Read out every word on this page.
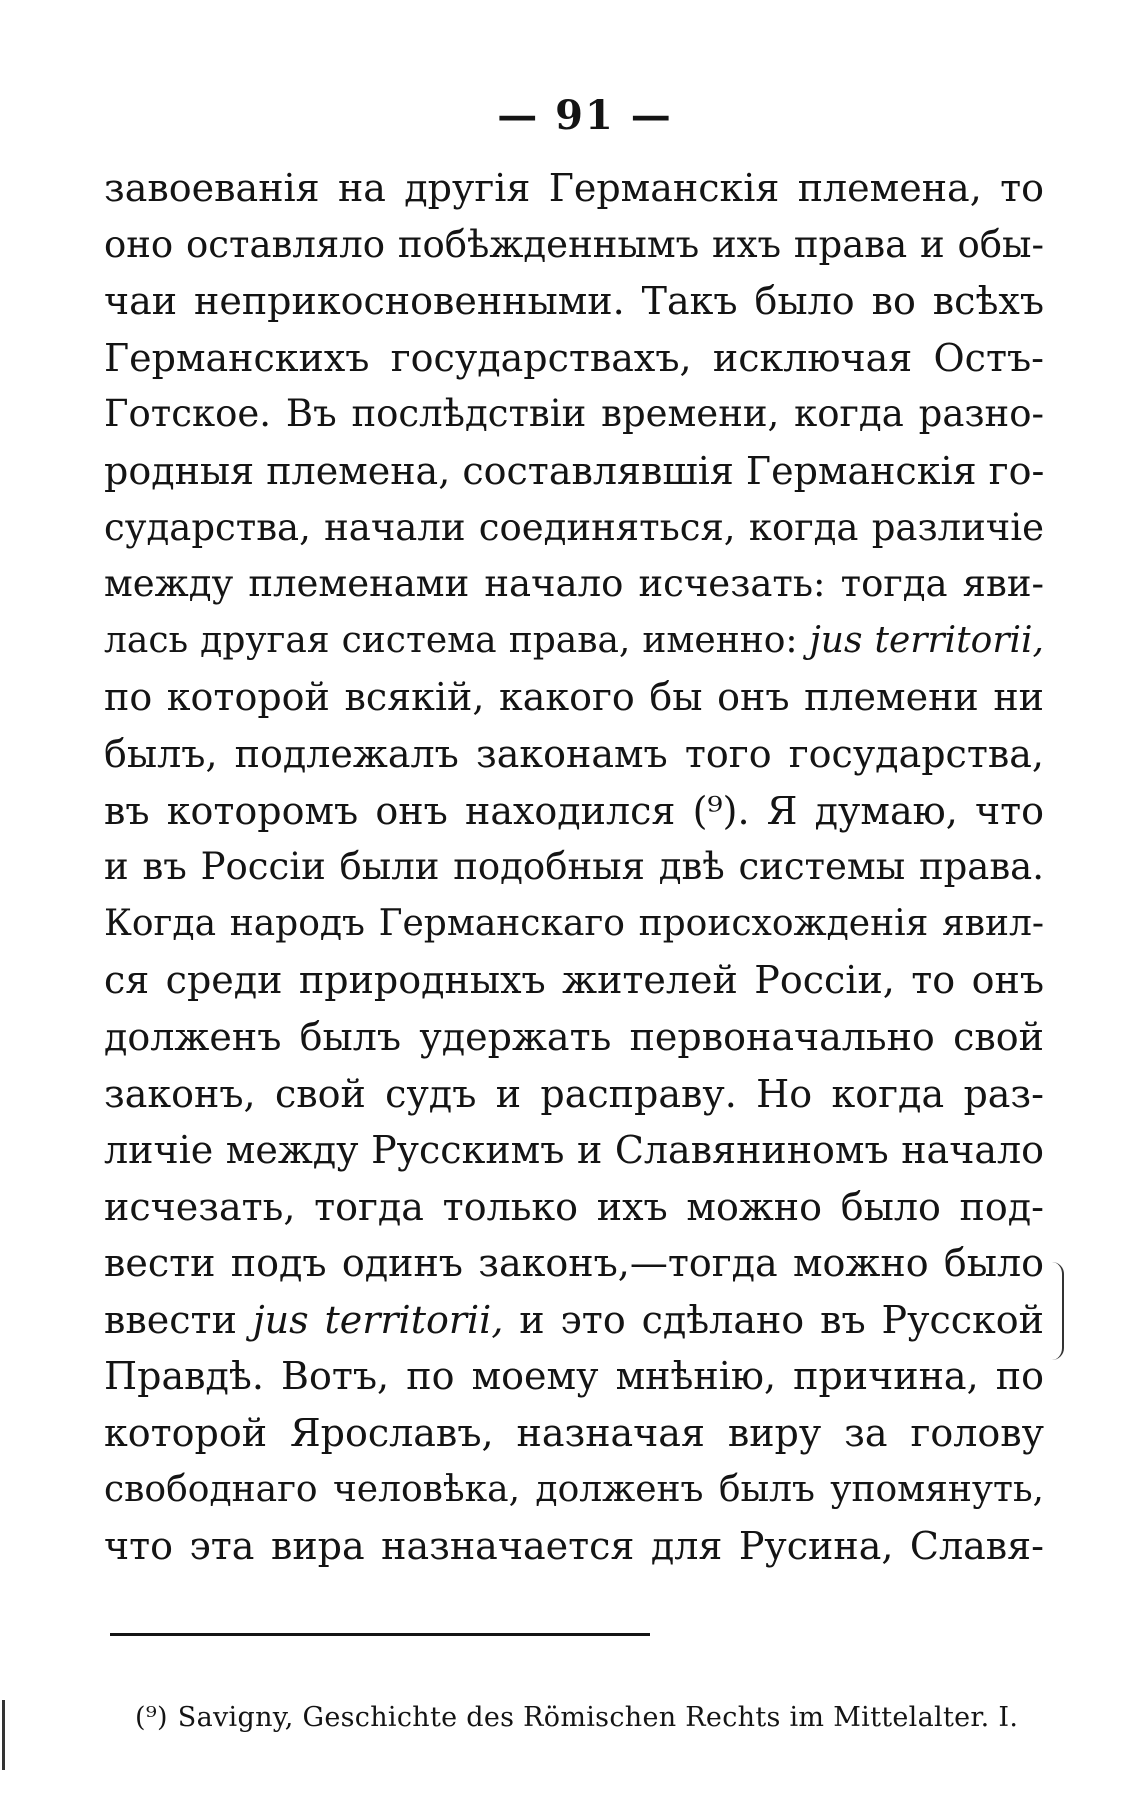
— 91 —
завоеванія на другія Германскія племена, то
оно оставляло побѣжденнымъ ихъ права и обы-
чаи неприкосновенными. Такъ было во всѣхъ
Германскихъ государствахъ, исключая Остъ-
Готское. Въ послѣдствіи времени, когда разно-
родныя племена, составлявшія Германскія го-
сударства, начали соединяться, когда различіе
между племенами начало исчезать: тогда яви-
лась другая система права, именно: jus territorii,
по которой всякій, какого бы онъ племени ни
былъ, подлежалъ законамъ того государства,
въ которомъ онъ находился (⁹). Я думаю, что
и въ Россіи были подобныя двѣ системы права.
Когда народъ Германскаго происхожденія явил-
ся среди природныхъ жителей Россіи, то онъ
долженъ былъ удержать первоначально свой
законъ, свой судъ и расправу. Но когда раз-
личіе между Русскимъ и Славяниномъ начало
исчезать, тогда только ихъ можно было под-
вести подъ одинъ законъ,—тогда можно было
ввести jus territorii, и это сдѣлано въ Русской
Правдѣ. Вотъ, по моему мнѣнію, причина, по
которой Ярославъ, назначая виру за голову
свободнаго человѣка, долженъ былъ упомянуть,
что эта вира назначается для Русина, Славя-
(⁹) Savigny, Geschichte des Römischen Rechts im Mittelalter. I.
